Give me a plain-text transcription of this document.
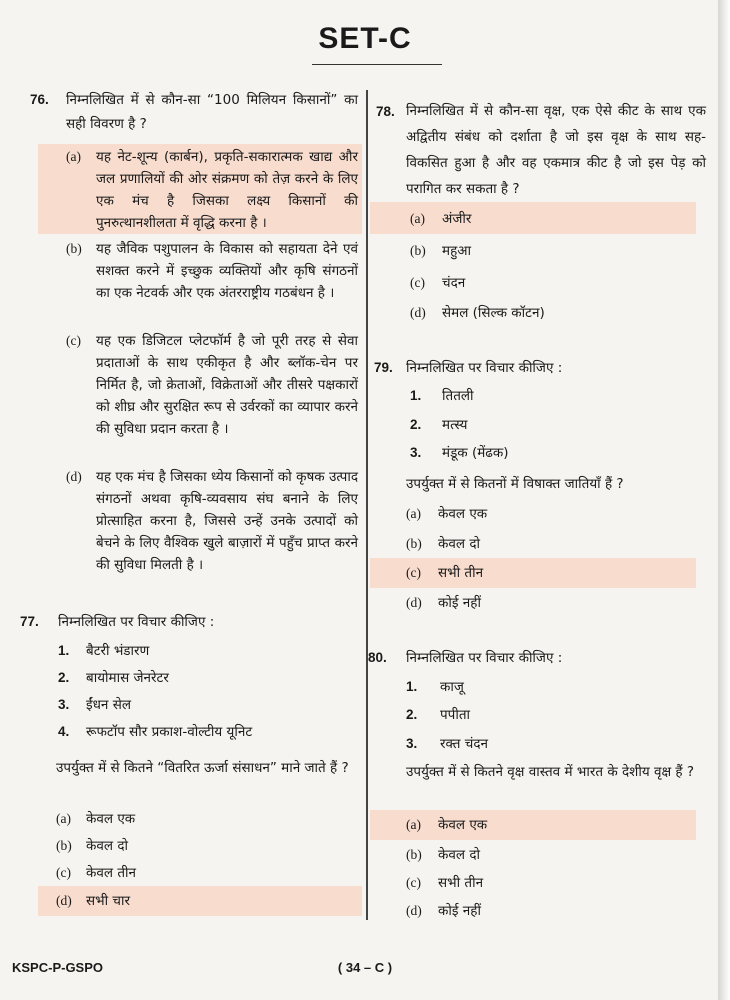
SET-C
76. निम्नलिखित में से कौन-सा “100 मिलियन किसानों” का सही विवरण है ?
(a) यह नेट-शून्य (कार्बन), प्रकृति-सकारात्मक खाद्य और जल प्रणालियों की ओर संक्रमण को तेज़ करने के लिए एक मंच है जिसका लक्ष्य किसानों की पुनरुत्थानशीलता में वृद्धि करना है ।
(b) यह जैविक पशुपालन के विकास को सहायता देने एवं सशक्त करने में इच्छुक व्यक्तियों और कृषि संगठनों का एक नेटवर्क और एक अंतरराष्ट्रीय गठबंधन है ।
(c) यह एक डिजिटल प्लेटफॉर्म है जो पूरी तरह से सेवा प्रदाताओं के साथ एकीकृत है और ब्लॉक-चेन पर निर्मित है, जो क्रेताओं, विक्रेताओं और तीसरे पक्षकारों को शीघ्र और सुरक्षित रूप से उर्वरकों का व्यापार करने की सुविधा प्रदान करता है ।
(d) यह एक मंच है जिसका ध्येय किसानों को कृषक उत्पाद संगठनों अथवा कृषि-व्यवसाय संघ बनाने के लिए प्रोत्साहित करना है, जिससे उन्हें उनके उत्पादों को बेचने के लिए वैश्विक खुले बाज़ारों में पहुँच प्राप्त करने की सुविधा मिलती है ।
77. निम्नलिखित पर विचार कीजिए :
1. बैटरी भंडारण
2. बायोमास जेनरेटर
3. ईंधन सेल
4. रूफटॉप सौर प्रकाश-वोल्टीय यूनिट
उपर्युक्त में से कितने “वितरित ऊर्जा संसाधन” माने जाते हैं ?
(a) केवल एक
(b) केवल दो
(c) केवल तीन
(d) सभी चार
78. निम्नलिखित में से कौन-सा वृक्ष, एक ऐसे कीट के साथ एक अद्वितीय संबंध को दर्शाता है जो इस वृक्ष के साथ सह-विकसित हुआ है और वह एकमात्र कीट है जो इस पेड़ को परागित कर सकता है ?
(a) अंजीर
(b) महुआ
(c) चंदन
(d) सेमल (सिल्क कॉटन)
79. निम्नलिखित पर विचार कीजिए :
1. तितली
2. मत्स्य
3. मंडूक (मेंढक)
उपर्युक्त में से कितनों में विषाक्त जातियाँ हैं ?
(a) केवल एक
(b) केवल दो
(c) सभी तीन
(d) कोई नहीं
80. निम्नलिखित पर विचार कीजिए :
1. काजू
2. पपीता
3. रक्त चंदन
उपर्युक्त में से कितने वृक्ष वास्तव में भारत के देशीय वृक्ष हैं ?
(a) केवल एक
(b) केवल दो
(c) सभी तीन
(d) कोई नहीं
KSPC-P-GSPO	( 34 – C )
